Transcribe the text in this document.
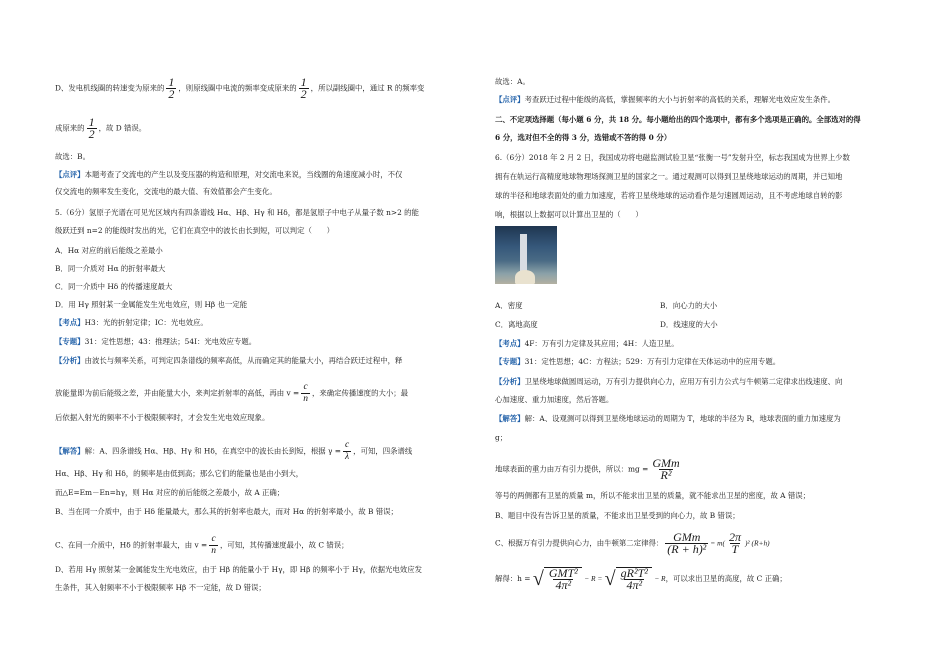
D、发电机线圈的转速变为原来的 $\frac{1}{2}$ ，则原线圈中电流的频率变成原来的 $\frac{1}{2}$ ，所以副线圈中，通过 R 的频率变
成原来的 $\frac{1}{2}$ ，故 D 错误。
故选：B。
【点评】本题考查了交流电的产生以及变压器的构造和原理，对交流电来说，当线圈的角速度减小时，不仅
仅交流电的频率发生变化，交流电的最大值、有效值都会产生变化。
5.（6分）氢原子光谱在可见光区域内有四条谱线 Hα、Hβ、Hγ 和 Hδ，都是氢原子中电子从量子数 n>2 的能
级跃迁到 n=2 的能级时发出的光，它们在真空中的波长由长到短，可以判定（　　）
A．Hα 对应的前后能级之差最小
B．同一介质对 Hα 的折射率最大
C．同一介质中 Hδ 的传播速度最大
D．用 Hγ 照射某一金属能发生光电效应，则 Hβ 也一定能
【考点】H3：光的折射定律；IC：光电效应。
【专题】31：定性思想；43：推理法；54I：光电效应专题。
【分析】由波长与频率关系，可判定四条谱线的频率高低，从而确定其的能量大小，再结合跃迁过程中，释
放能量即为前后能级之差，并由能量大小，来判定折射率的高低，再由 $v = \frac{c}{n}$ ，来确定传播速度的大小；最
后依据入射光的频率不小于极限频率时，才会发生光电效应现象。
【解答】解：A、四条谱线 Hα、Hβ、Hγ 和 Hδ，在真空中的波长由长到短，根据 $\gamma = \frac{c}{\lambda}$ ，可知，四条谱线
Hα、Hβ、Hγ 和 Hδ，的频率是由低到高；那么它们的能量也是由小到大，
而△E=Em－En=hγ，则 Hα 对应的前后能级之差最小，故 A 正确；
B、当在同一介质中，由于 Hδ 能量最大，那么其的折射率也最大，而对 Hα 的折射率最小，故 B 错误；
C、在同一介质中，Hδ 的折射率最大，由 $v = \frac{c}{n}$ ，可知，其传播速度最小，故 C 错误；
D、若用 Hγ 照射某一金属能发生光电效应，由于 Hβ 的能量小于 Hγ，即 Hβ 的频率小于 Hγ，依据光电效应发
生条件，其入射频率不小于极限频率 Hβ 不一定能，故 D 错误；
故选：A。
【点评】考查跃迁过程中能级的高低，掌握频率的大小与折射率的高低的关系，理解光电效应发生条件。
二、不定项选择题（每小题 6 分，共 18 分。每小题给出的四个选项中，都有多个选项是正确的。全部选对的得
6 分，选对但不全的得 3 分，选错或不答的得 0 分）
6.（6分）2018 年 2 月 2 日，我国成功将电磁监测试验卫星“张衡一号”发射升空，标志我国成为世界上少数
拥有在轨运行高精度地球物理场探测卫星的国家之一。通过观测可以得到卫星绕地球运动的周期，并已知地
球的半径和地球表面处的重力加速度，若将卫星绕地球的运动看作是匀速圆周运动，且不考虑地球自转的影
响，根据以上数据可以计算出卫星的（　　）
A．密度	B．向心力的大小
C．离地高度	D．线速度的大小
【考点】4F：万有引力定律及其应用；4H：人造卫星。
【专题】31：定性思想；4C：方程法；529：万有引力定律在天体运动中的应用专题。
【分析】卫星绕地球做圆周运动，万有引力提供向心力，应用万有引力公式与牛顿第二定律求出线速度、向
心加速度、重力加速度，然后答题。
【解答】解：A、设观测可以得到卫星绕地球运动的周期为 T，地球的半径为 R，地球表面的重力加速度为
g；
地球表面的重力由万有引力提供，所以：mg = $\frac{\text{GMm}}{\text{R²}}$
等号的两侧都有卫星的质量 m，所以不能求出卫星的质量，就不能求出卫星的密度，故 A 错误；
B、题目中没有告诉卫星的质量，不能求出卫星受到的向心力，故 B 错误；
C、根据万有引力提供向心力，由牛顿第二定律得： $\frac{\text{GMm}}{\text{(R + h)²}} = m( \frac{2\pi}{T} )^2$ (R+h)
解得：h = √ $\frac{\text{GMT²}}{\text{4π²}} - R$ = √ $\frac{\text{gR²T²}}{\text{4π²}} - R$，可以求出卫星的高度，故 C 正确；
